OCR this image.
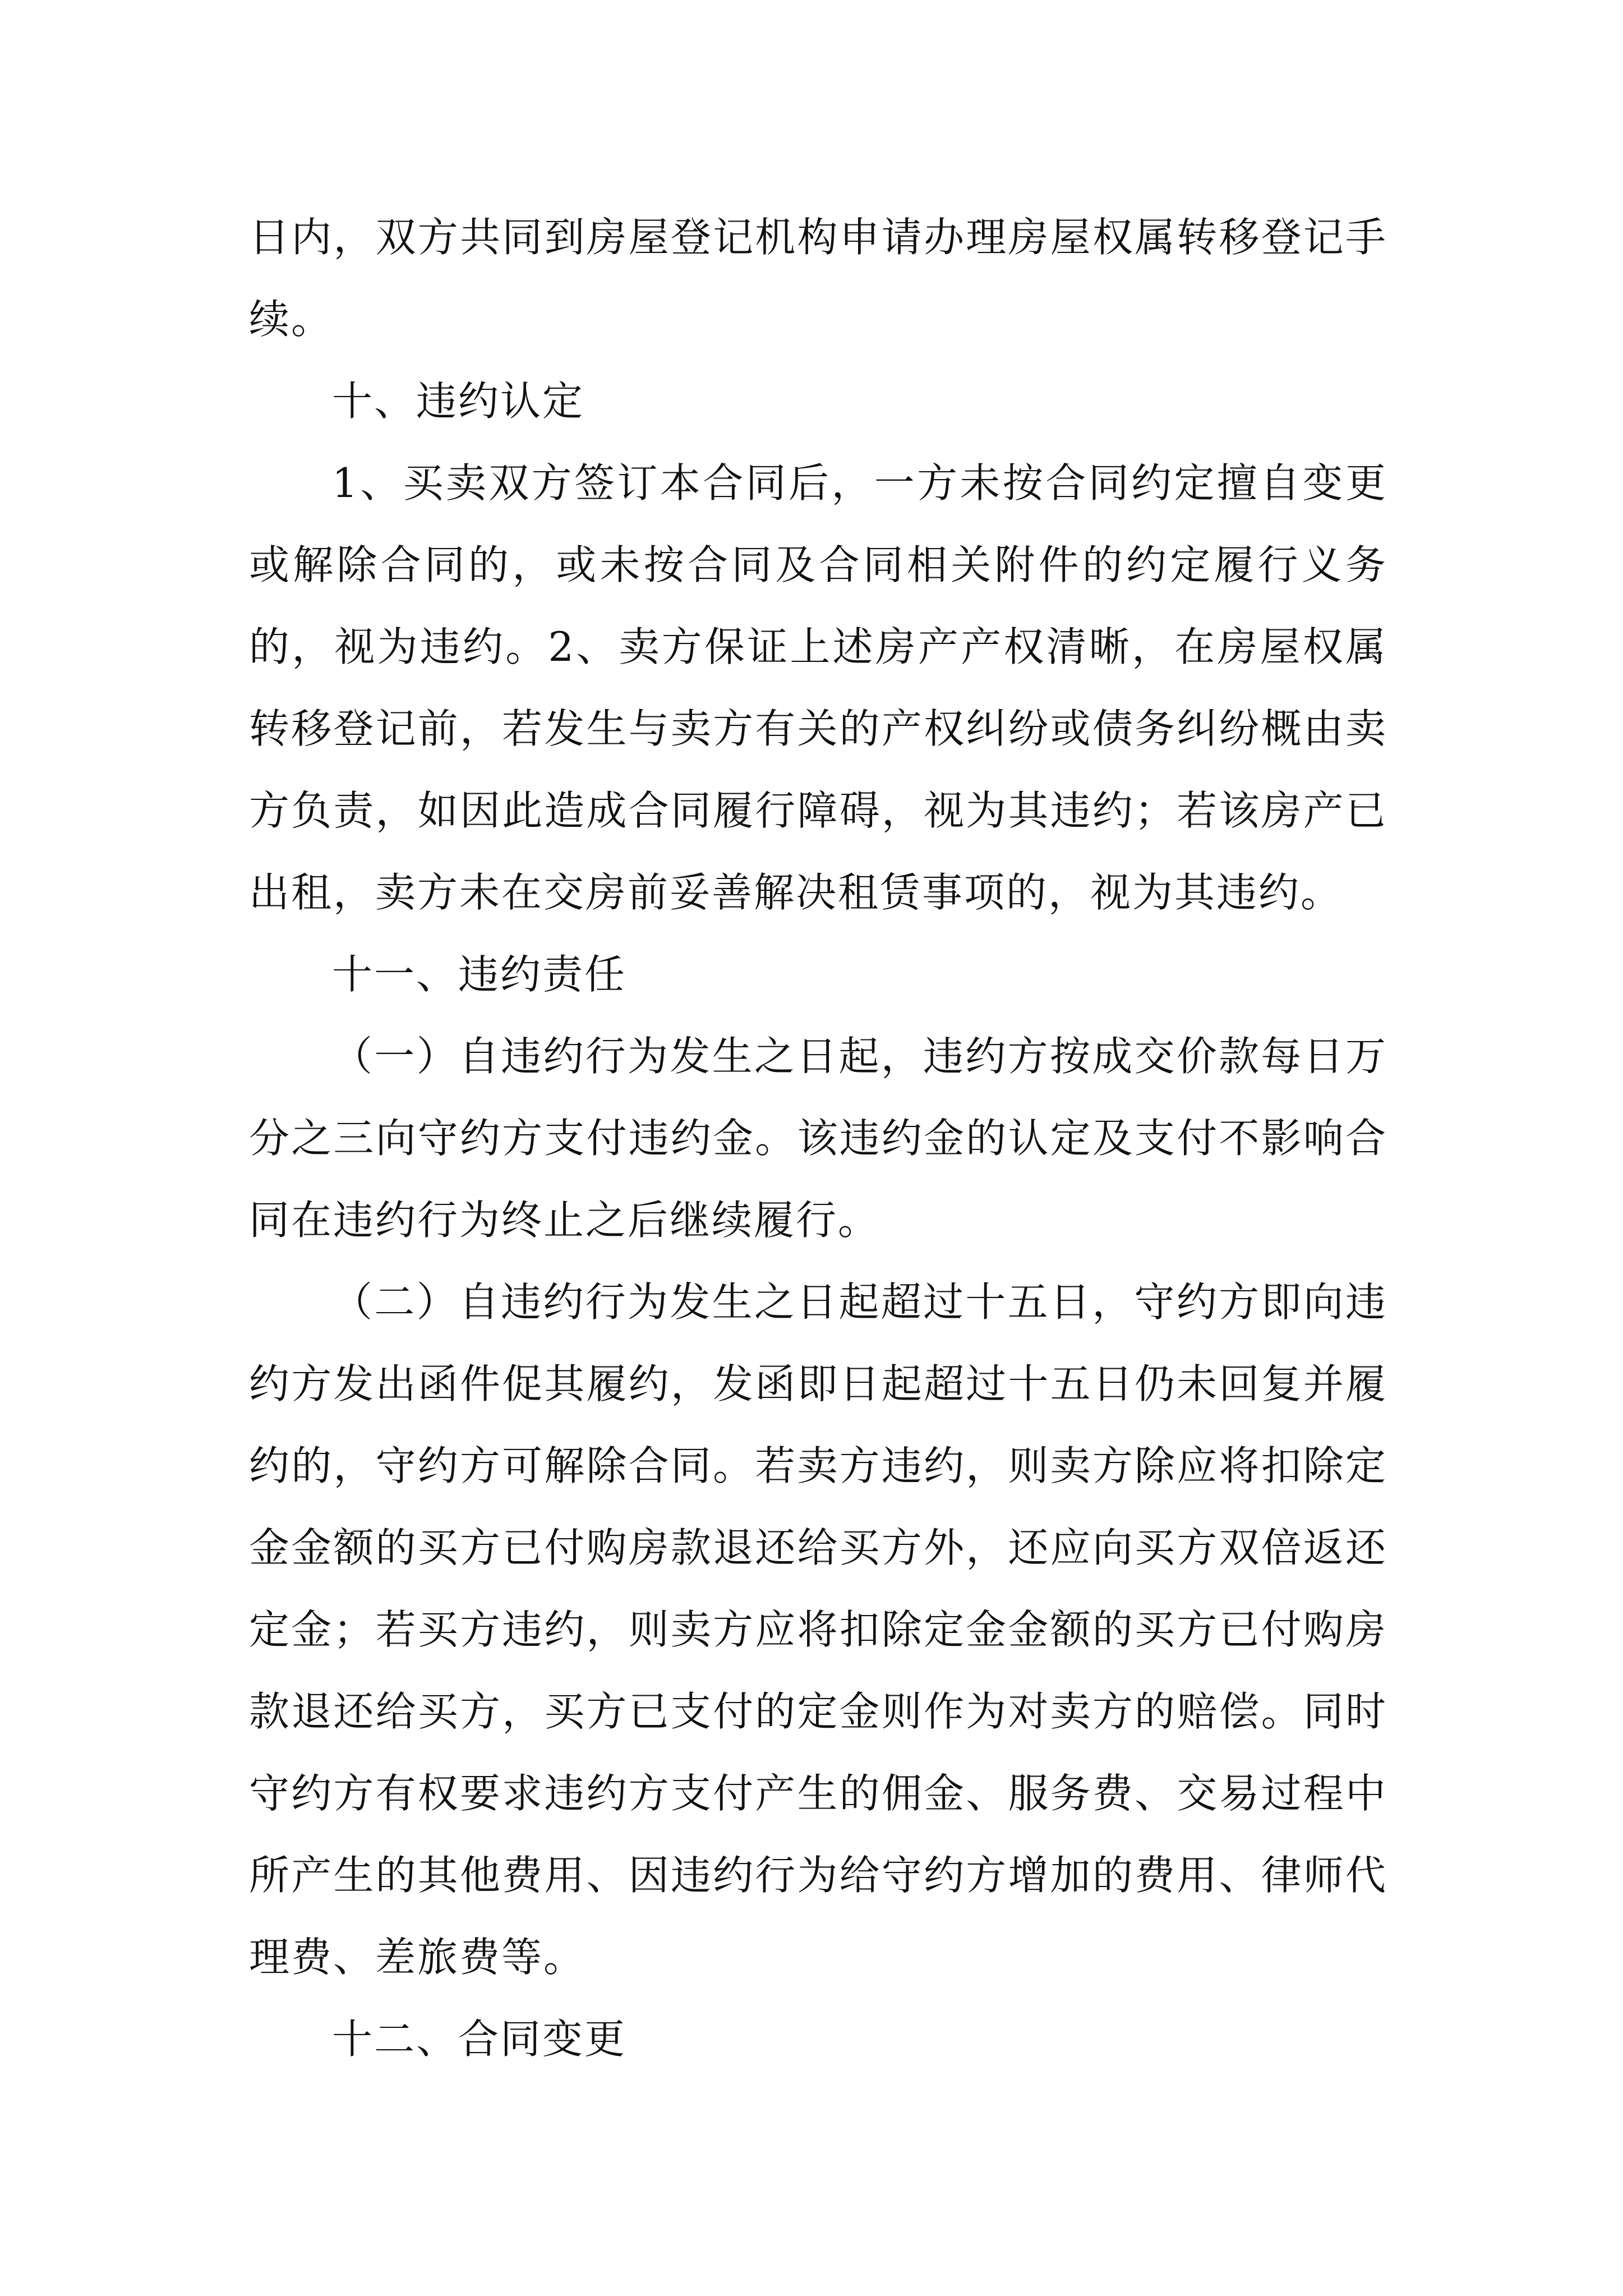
日内，双方共同到房屋登记机构申请办理房屋权属转移登记手续。

十、违约认定

1、买卖双方签订本合同后，一方未按合同约定擅自变更或解除合同的，或未按合同及合同相关附件的约定履行义务的，视为违约。2、卖方保证上述房产产权清晰，在房屋权属转移登记前，若发生与卖方有关的产权纠纷或债务纠纷概由卖方负责，如因此造成合同履行障碍，视为其违约；若该房产已出租，卖方未在交房前妥善解决租赁事项的，视为其违约。

十一、违约责任

（一）自违约行为发生之日起，违约方按成交价款每日万分之三向守约方支付违约金。该违约金的认定及支付不影响合同在违约行为终止之后继续履行。

（二）自违约行为发生之日起超过十五日，守约方即向违约方发出函件促其履约，发函即日起超过十五日仍未回复并履约的，守约方可解除合同。若卖方违约，则卖方除应将扣除定金金额的买方已付购房款退还给买方外，还应向买方双倍返还定金；若买方违约，则卖方应将扣除定金金额的买方已付购房款退还给买方，买方已支付的定金则作为对卖方的赔偿。同时守约方有权要求违约方支付产生的佣金、服务费、交易过程中所产生的其他费用、因违约行为给守约方增加的费用、律师代理费、差旅费等。

十二、合同变更
